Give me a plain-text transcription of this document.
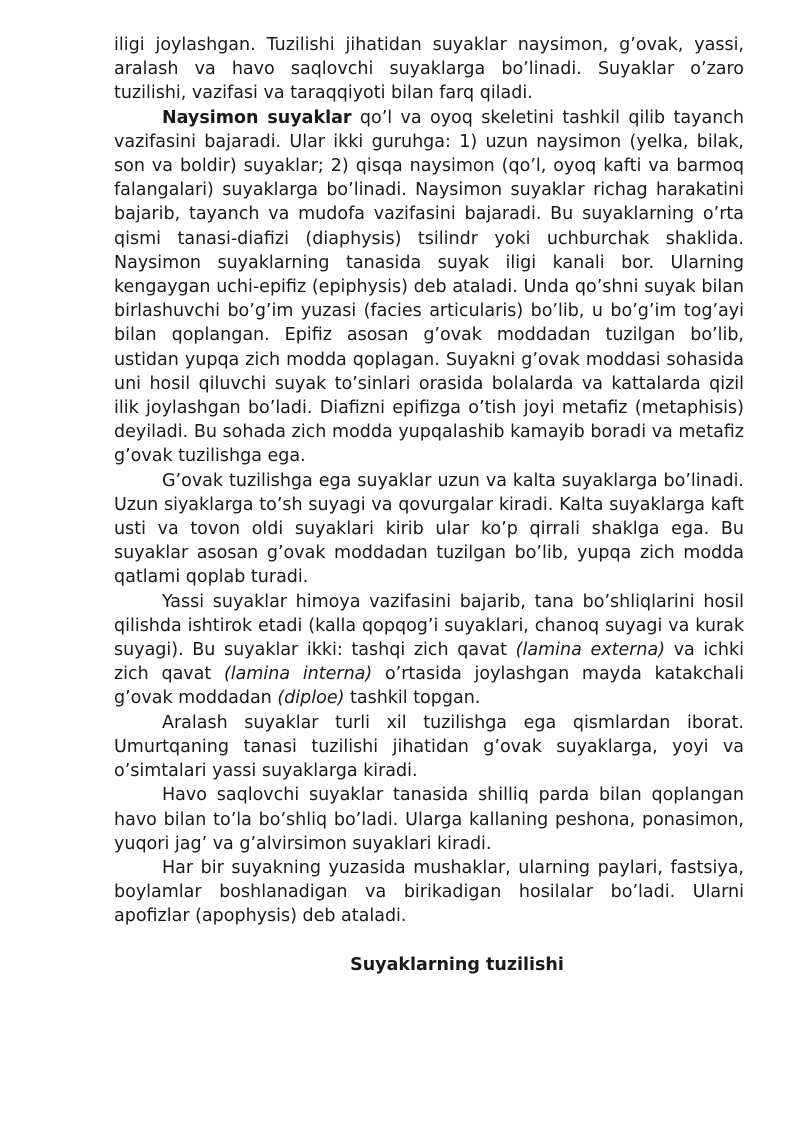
iligi joylashgan. Tuzilishi jihatidan suyaklar naysimon, g’ovak, yassi, aralash va havo saqlovchi suyaklarga bo’linadi. Suyaklar o’zaro tuzilishi, vazifasi va taraqqiyoti bilan farq qiladi.

Naysimon suyaklar qo’l va oyoq skeletini tashkil qilib tayanch vazifasini bajaradi. Ular ikki guruhga: 1) uzun naysimon (yelka, bilak, son va boldir) suyaklar; 2) qisqa naysimon (qo’l, oyoq kafti va barmoq falangalari) suyaklarga bo’linadi. Naysimon suyaklar richag harakatini bajarib, tayanch va mudofa vazifasini bajaradi. Bu suyaklarning o’rta qismi tanasi-diafizi (diaphysis) tsilindr yoki uchburchak shaklida. Naysimon suyaklarning tanasida suyak iligi kanali bor. Ularning kengaygan uchi-epifiz (epiphysis) deb ataladi. Unda qo’shni suyak bilan birlashuvchi bo’g’im yuzasi (facies articularis) bo’lib, u bo’g’im tog’ayi bilan qoplangan. Epifiz asosan g’ovak moddadan tuzilgan bo’lib, ustidan yupqa zich modda qoplagan. Suyakni g’ovak moddasi sohasida uni hosil qiluvchi suyak to’sinlari orasida bolalarda va kattalarda qizil ilik joylashgan bo’ladi. Diafizni epifizga o’tish joyi metafiz (metaphisis) deyiladi. Bu sohada zich modda yupqalashib kamayib boradi va metafiz g’ovak tuzilishga ega.

G’ovak tuzilishga ega suyaklar uzun va kalta suyaklarga bo’linadi. Uzun siyaklarga to’sh suyagi va qovurgalar kiradi. Kalta suyaklarga kaft usti va tovon oldi suyaklari kirib ular ko’p qirrali shaklga ega. Bu suyaklar asosan g’ovak moddadan tuzilgan bo’lib, yupqa zich modda qatlami qoplab turadi.

Yassi suyaklar himoya vazifasini bajarib, tana bo’shliqlarini hosil qilishda ishtirok etadi (kalla qopqog’i suyaklari, chanoq suyagi va kurak suyagi). Bu suyaklar ikki: tashqi zich qavat (lamina externa) va ichki zich qavat (lamina interna) o’rtasida joylashgan mayda katakchali g’ovak moddadan (diploe) tashkil topgan.

Aralash suyaklar turli xil tuzilishga ega qismlardan iborat. Umurtqaning tanasi tuzilishi jihatidan g’ovak suyaklarga, yoyi va o’simtalari yassi suyaklarga kiradi.

Havo saqlovchi suyaklar tanasida shilliq parda bilan qoplangan havo bilan to’la bo’shliq bo’ladi. Ularga kallaning peshona, ponasimon, yuqori jag’ va g’alvirsimon suyaklari kiradi.

Har bir suyakning yuzasida mushaklar, ularning paylari, fastsiya, boylamlar boshlanadigan va birikadigan hosilalar bo’ladi. Ularni apofizlar (apophysis) deb ataladi.

Suyaklarning tuzilishi
